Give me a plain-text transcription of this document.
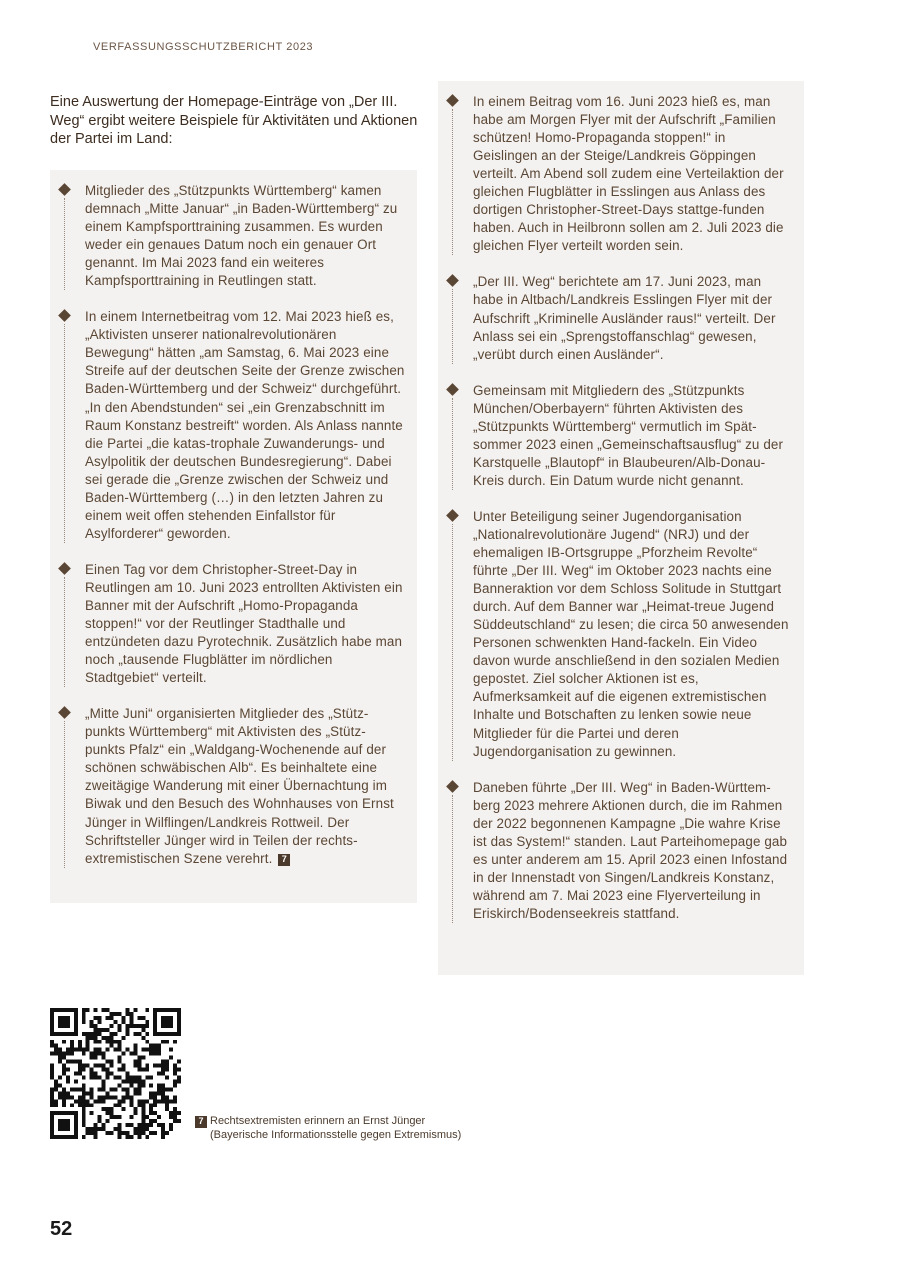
VERFASSUNGSSCHUTZBERICHT 2023

Eine Auswertung der Homepage-Einträge von „Der III. Weg“ ergibt weitere Beispiele für Aktivitäten und Aktionen der Partei im Land:

Mitglieder des „Stützpunkts Württemberg“ kamen demnach „Mitte Januar“ „in Baden-Württemberg“ zu einem Kampfsporttraining zusammen. Es wurden weder ein genaues Datum noch ein genauer Ort genannt. Im Mai 2023 fand ein weiteres Kampfsporttraining in Reutlingen statt.
In einem Internetbeitrag vom 12. Mai 2023 hieß es, „Aktivisten unserer nationalrevolutionären Bewegung“ hätten „am Samstag, 6. Mai 2023 eine Streife auf der deutschen Seite der Grenze zwischen Baden-Württemberg und der Schweiz“ durchgeführt. „In den Abendstunden“ sei „ein Grenzabschnitt im Raum Konstanz bestreift“ worden. Als Anlass nannte die Partei „die katas-trophale Zuwanderungs- und Asylpolitik der deutschen Bundesregierung“. Dabei sei gerade die „Grenze zwischen der Schweiz und Baden-Württemberg (…) in den letzten Jahren zu einem weit offen stehenden Einfallstor für Asylforderer“ geworden.
Einen Tag vor dem Christopher-Street-Day in Reutlingen am 10. Juni 2023 entrollten Aktivisten ein Banner mit der Aufschrift „Homo-Propaganda stoppen!“ vor der Reutlinger Stadthalle und entzündeten dazu Pyrotechnik. Zusätzlich habe man noch „tausende Flugblätter im nördlichen Stadtgebiet“ verteilt.
„Mitte Juni“ organisierten Mitglieder des „Stütz-punkts Württemberg“ mit Aktivisten des „Stütz-punkts Pfalz“ ein „Waldgang-Wochenende auf der schönen schwäbischen Alb“. Es beinhaltete eine zweitägige Wanderung mit einer Übernachtung im Biwak und den Besuch des Wohnhauses von Ernst Jünger in Wilflingen/Landkreis Rottweil. Der Schriftsteller Jünger wird in Teilen der rechts-extremistischen Szene verehrt. 7
In einem Beitrag vom 16. Juni 2023 hieß es, man habe am Morgen Flyer mit der Aufschrift „Familien schützen! Homo-Propaganda stoppen!“ in Geislingen an der Steige/Landkreis Göppingen verteilt. Am Abend soll zudem eine Verteilaktion der gleichen Flugblätter in Esslingen aus Anlass des dortigen Christopher-Street-Days stattge-funden haben. Auch in Heilbronn sollen am 2. Juli 2023 die gleichen Flyer verteilt worden sein.
„Der III. Weg“ berichtete am 17. Juni 2023, man habe in Altbach/Landkreis Esslingen Flyer mit der Aufschrift „Kriminelle Ausländer raus!“ verteilt. Der Anlass sei ein „Sprengstoffanschlag“ gewesen, „verübt durch einen Ausländer“.
Gemeinsam mit Mitgliedern des „Stützpunkts München/Oberbayern“ führten Aktivisten des „Stützpunkts Württemberg“ vermutlich im Spät-sommer 2023 einen „Gemeinschaftsausflug“ zu der Karstquelle „Blautopf“ in Blaubeuren/Alb-Donau-Kreis durch. Ein Datum wurde nicht genannt.
Unter Beteiligung seiner Jugendorganisation „Nationalrevolutionäre Jugend“ (NRJ) und der ehemaligen IB-Ortsgruppe „Pforzheim Revolte“ führte „Der III. Weg“ im Oktober 2023 nachts eine Banneraktion vor dem Schloss Solitude in Stuttgart durch. Auf dem Banner war „Heimat-treue Jugend Süddeutschland“ zu lesen; die circa 50 anwesenden Personen schwenkten Hand-fackeln. Ein Video davon wurde anschließend in den sozialen Medien gepostet. Ziel solcher Aktionen ist es, Aufmerksamkeit auf die eigenen extremistischen Inhalte und Botschaften zu lenken sowie neue Mitglieder für die Partei und deren Jugendorganisation zu gewinnen.
Daneben führte „Der III. Weg“ in Baden-Württem-berg 2023 mehrere Aktionen durch, die im Rahmen der 2022 begonnenen Kampagne „Die wahre Krise ist das System!“ standen. Laut Parteihomepage gab es unter anderem am 15. April 2023 einen Infostand in der Innenstadt von Singen/Landkreis Konstanz, während am 7. Mai 2023 eine Flyerverteilung in Eriskirch/Bodenseekreis stattfand.
7 Rechtsextremisten erinnern an Ernst Jünger
(Bayerische Informationsstelle gegen Extremismus)
52
